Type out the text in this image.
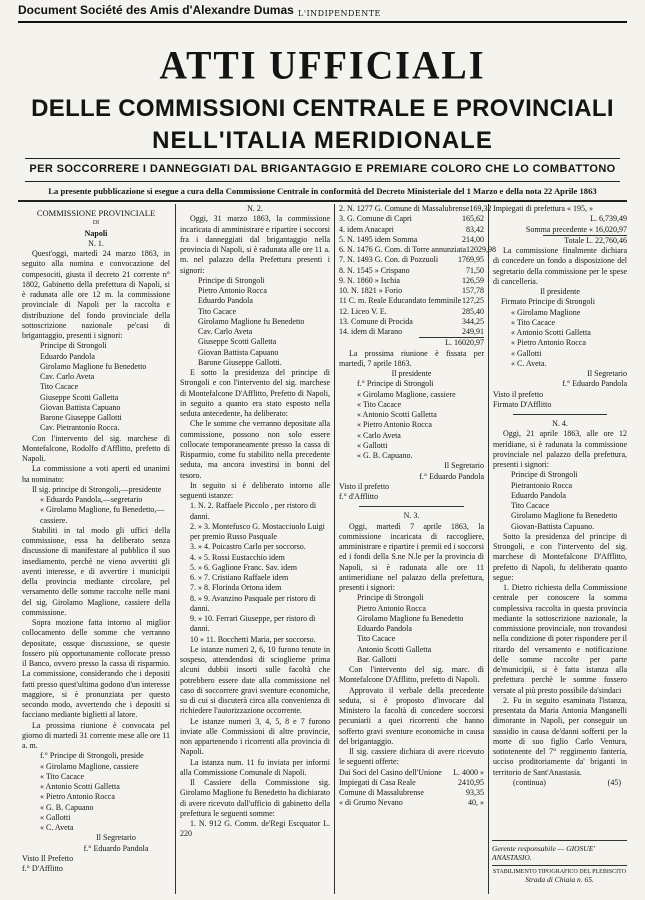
Document Société des Amis d'Alexandre Dumas L'INDIPENDENTE
ATTI UFFICIALI
DELLE COMMISSIONI CENTRALE E PROVINCIALI
NELL'ITALIA MERIDIONALE
PER SOCCORRERE I DANNEGGIATI DAL BRIGANTAGGIO E PREMIARE COLORO CHE LO COMBATTONO
La presente pubblicazione si esegue a cura della Commissione Centrale in conformità del Decreto Ministeriale del 1 Marzo e della nota 22 Aprile 1863

COMMISSIONE PROVINCIALE

DI

Napoli

N. 1.

Quest'oggi, martedì 24 marzo 1863, in seguito alla nomina e convocazione del compesociti, giusta il decreto 21 corrente n° 1802, Gabinetto della prefettura di Napoli, si è radunata alle ore 12 m. la commissione provinciale di Napoli per la raccolta e distribuzione del fondo provinciale della sottoscrizione nazionale pe'casi di brigantaggio, presenti i signori:

Principe di Strongoli

Eduardo Pandola

Girolamo Maglione fu Benedetto

Cav. Carlo Aveta

Tito Cacace

Giuseppe Scotti Galletta

Giovan Battista Capuano

Barone Giuseppe Gallotti

Cav. Pietrantonio Rocca.

Con l'intervento del sig. marchese di Montefalcone, Rodolfo d'Afflitto, prefetto di Napoli.

La commissione a voti aperti ed unanimi ha nominato:

Il sig. principe di Strongoli,—presidente

« Eduardo Pandola,—segretario

« Girolamo Maglione, fu Benedetto,—cassiere.

Stabiliti in tal modo gli uffici della commissione, essa ha deliberato senza discussione di manifestare al pubblico il suo insediamento, perchè ne vieno avvertiti gli aventi interesse, e di avvertire i municipii della provincia mediante circolare, pel versamento delle somme raccolte nelle mani del sig. Girolamo Maglione, cassiere della commissione.

Sopra mozione fatta intorno al miglior collocamento delle somme che verranno depositate, ossque discussione, se queste fossero più opportunamente collocate presso il Banco, ovvero presso la cassa di risparmio. La commissione, considerando che i depositi fatti presso quest'ultima godono d'un interesse maggiore, si è pronunziata per questo secondo modo, avvertendo che i depositi si facciano mediante biglietti al latore.

La prossima riunione è convocata pel giorno di martedì 31 corrente mese alle ore 11 a. m.

f.° Principe di Strongoli, preside

« Girolamo Maglione, cassiere

« Tito Cacace

« Antonio Scotti Galletta

« Pietro Antonio Rocca

« G. B. Capuano

« Gallotti

« C. Aveta

Il Segretario

f.° Eduardo Pandola

Visto Il Prefetto

f.° D'Afflitto

N. 2.

Oggi, 31 marzo 1863, la commissione incaricata di amministrare e ripartire i soccorsi fra i danneggiati dal brigantaggio nella provincia di Napoli, si è radunata alle ore 11 a. m. nel palazzo della Prefettura presenti i signori:

Principe di Strongoli

Pietro Antonio Rocca

Eduardo Pandola

Tito Cacace

Girolamo Maglione fu Benedetto

Cav. Carlo Aveta

Giuseppe Scotti Galletta

Giovan Battista Capuano

Barone Giuseppe Gallotti.

E sotto la presidenza del principe di Strongoli e con l'intervento del sig. marchese di Montefalcone D'Afflitto, Prefetto di Napoli, in seguito a quanto era stato esposto nella seduta antecedente, ha deliberato:

Che le somme che verranno depositate alla commissione, possono non solo essere collocate temporaneamente presso la cassa di Risparmio, come fu stabilito nella precedente seduta, ma ancora investirsi in bonni del tesoro.

In seguito si è deliberato intorno alle seguenti istanze:

1. N. 2. Raffaele Piccolo , per ristoro di danni.

2. » 3. Montefusco G. Mostacciuolo Luigi per premio Russo Pasquale

3. » 4. Poicastro Carlo per soccorso.

4. » 5. Rossi Eustacchio idem

5. » 6. Gaglione Franc. Sav. idem

6. » 7. Cristiano Raffaele idem

7. » 8. Florinda Ortona idem

8. » 9. Avanzino Pasquale per ristoro di danni.

9. » 10. Ferrari Giuseppe, per ristoro di danni.

10 » 11. Bocchetti Maria, per soccorso.

Le istanze numeri 2, 6, 10 furono tenute in sospeso, attendendosi di scioglierne prima alcuni dubbii insorti sulle facoltà che potrebbero essere date alla commissione nel caso di soccorrere gravi sventure economiche, su di cui si discuterà circa alla convenienza di richiedere l'autorizzazione occorrente.

Le istanze numeri 3, 4, 5, 8 e 7 furono inviate alle Commissioni di altre provincie, non appartenendo i ricorrenti alla provincia di Napoli.

La istanza num. 11 fu inviata per informi alla Commissione Comunale di Napoli.

Il Cassiere della Commissione sig. Girolamo Maglione fu Benedetto ha dichiarato di avere ricevuto dall'ufficio di gabinetto della prefettura le seguenti somme:

1. N. 912 G. Comm. de'Regi Escquator L. 220

2. N. 1277 G. Comune di Massalubrense 169,32
3. G. Comune di Capri	165,62
4. idem Anacapri	83,42
5. N. 1495 idem Somma	214,00
6. N. 1476 G. Com. di Torre annunziata 12029,98
7. N. 1493 G. Con. di Pozzuoli	1769,95
8. N. 1545 » Crispano	71,50
9. N. 1860 » Ischia	126,59
10. N. 1821 » Forio	157,78
11 C. m. Reale Educandato femminile 127,25
12. Liceo V. E.	285,40
13. Comune di Procida	344,25
14. idem di Marano	249,91

L. 16020,97

La prossima riunione è fissata per martedì, 7 aprile 1863.

Il presidente

f.° Principe di Strongoli

« Girolamo Maglione, cassiere

« Tito Cacace

« Antonio Scotti Galletta

« Pietro Antonio Rocca

« Carlo Aveta

« Gallotti

« G. B. Capuano.

Il Segretario

f.° Eduardo Pandola

Visto il prefetto

f.° d'Afflitto

N. 3.

Oggi, martedì 7 aprile 1863, la commissione incaricata di raccogliere, amministrare e ripartire i premii ed i soccorsi ed i fondi della S.ne N.le per la provincia di Napoli, si è radunata alle ore 11 antimeridiane nel palazzo della prefettura, presenti i signori:

Principe di Strongoli

Pietro Antonio Rocca

Girolamo Maglione fu Benedetto

Eduardo Pandola

Tito Cacace

Antonio Scotti Galletta

Bar. Gallotti

Con l'intervento del sig. marc. di Montefalcone D'Afflitto, prefetto di Napoli.

Approvato il verbale della precedente seduta, si è proposto d'invocare dal Ministero la facoltà di concedere soccorsi pecuniarii a quei ricorrenti che hanno sofferto gravi sventure economiche in causa del brigantaggio.

Il sig. cassiere dichiara di avere ricevuto le seguenti offerte:

Dai Soci del Casino dell'Unione	L. 4000 »
Impiegati di Casa Reale	2410,95
Comune di Massalubrense	93,35
« di Grumo Nevano	40, »

Impiegati di prefettura « 195, »

L. 6,739,49

Somma precedente « 16,020,97

Totale L. 22,760,46

La commissione finalmente dichiara di concedere un fondo a disposizione del segretario della commissione per le spese di cancelleria.

Il presidente

Firmato Principe di Strongoli

« Girolamo Maglione

« Tito Cacace

« Antonio Scotti Galletta

« Pietro Antonio Rocca

« Gallotti

« C. Aveta.

Il Segretario

f.° Eduardo Pandola

Visto il prefetto

Firmato D'Afflitto

N. 4.

Oggi, 21 aprile 1863, alle ore 12 meridiane, si è radunata la commissione provinciale nel palazzo della prefettura, presenti i signori:

Principe di Strongoli

Pietrantonio Rocca

Eduardo Pandola

Tito Cacace

Girolamo Maglione fu Benedetto

Giovan-Battista Capuano.

Sotto la presidenza del principe di Strongoli, e con l'intervento del sig. marchese di Montefalcone D'Afflitto, prefetto di Napoli, fu deliberato quanto segue:

1. Dietro richiesta della Commissione centrale per conoscere la somma complessiva raccolta in questa provincia mediante la sottoscrizione nazionale, la commissione provinciale, non trovandosi nella condizione di poter rispondere per il ritardo del versamento e notificazione delle somme raccolte per parte de'municipii, si è fatta istanza alla prefettura perchè le somme fossero versate al più presto possibile da'sindaci

2. Fu in seguito esaminata l'istanza, presentata da Maria Antonia Manganelli dimorante in Napoli, per conseguir un sussidio in causa de'danni sofferti per la morte di suo figlio Carlo Ventura, sottotenente del 7° reggimento fanteria, ucciso proditoriamente da' briganti in territorio de Sant'Anastasia.

(continua)	(45)

Gerente responsabile — GIOSUE' ANASTASIO.

STABILIMENTO TIPOGRAFICO DEL PLEBISCITO

Strada di Chiaia n. 65.
